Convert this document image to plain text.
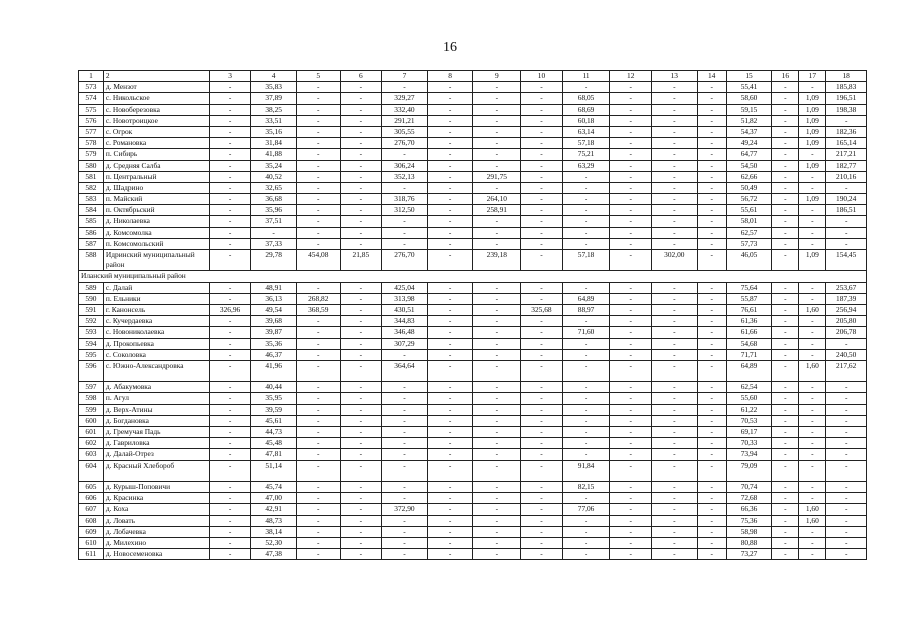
16
1	2	3	4	5	6	7	8	9	10	11	12	13	14	15	16	17	18
573	д. Мензот	-	35,83	-	-	-	-	-	-	-	-	-	-	55,41	-	-	185,83
574	с. Никольское	-	37,89	-	-	329,27	-	-	-	68,05	-	-	-	58,60	-	1,09	196,51
575	с. Новоберезовка	-	38,25	-	-	332,40	-	-	-	68,69	-	-	-	59,15	-	1,09	198,38
576	с. Новотроицкое	-	33,51	-	-	291,21	-	-	-	60,18	-	-	-	51,82	-	1,09	-
577	с. Огрок	-	35,16	-	-	305,55	-	-	-	63,14	-	-	-	54,37	-	1,09	182,36
578	с. Романовка	-	31,84	-	-	276,70	-	-	-	57,18	-	-	-	49,24	-	1,09	165,14
579	п. Сибирь	-	41,88	-	-	-	-	-	-	75,21	-	-	-	64,77	-	-	217,21
580	д. Средняя Салба	-	35,24	-	-	306,24	-	-	-	63,29	-	-	-	54,50	-	1,09	182,77
581	п. Центральный	-	40,52	-	-	352,13	-	291,75	-	-	-	-	-	62,66	-	-	210,16
582	д. Шадрино	-	32,65	-	-	-	-	-	-	-	-	-	-	50,49	-	-	-
583	п. Майский	-	36,68	-	-	318,76	-	264,10	-	-	-	-	-	56,72	-	1,09	190,24
584	п. Октябрьский	-	35,96	-	-	312,50	-	258,91	-	-	-	-	-	55,61	-	-	186,51
585	д. Николаевка	-	37,51	-	-	-	-	-	-	-	-	-	-	58,01	-	-	-
586	д. Комсомолка	-	-	-	-	-	-	-	-	-	-	-	-	62,57	-	-	-
587	п. Комсомольский	-	37,33	-	-	-	-	-	-	-	-	-	-	57,73	-	-	-
588	Идринский муниципальный район	-	29,78	454,08	21,85	276,70	-	239,18	-	57,18	-	302,00	-	46,05	-	1,09	154,45
Иланский муниципальный район																	
589	с. Далай	-	48,91	-	-	425,04	-	-	-	-	-	-	-	75,64	-	-	253,67
590	п. Ельники	-	36,13	268,82	-	313,98	-	-	-	64,89	-	-	-	55,87	-	-	187,39
591	г. Канонсель	326,96	49,54	368,59	-	430,51	-	-	325,68	88,97	-	-	-	76,61	-	1,60	256,94
592	с. Кучердаевка	-	39,68	-	-	344,83	-	-	-	-	-	-	-	61,36	-	-	205,80
593	с. Новониколаевка	-	39,87	-	-	346,48	-	-	-	71,60	-	-	-	61,66	-	-	206,78
594	д. Прокопьевка	-	35,36	-	-	307,29	-	-	-	-	-	-	-	54,68	-	-	-
595	с. Соколовка	-	46,37	-	-	-	-	-	-	-	-	-	-	71,71	-	-	240,50
596	с. Южно-Александровка	-	41,96	-	-	364,64	-	-	-	-	-	-	-	64,89	-	1,60	217,62
597	д. Абакумовка	-	40,44	-	-	-	-	-	-	-	-	-	-	62,54	-	-	-
598	п. Агул	-	35,95	-	-	-	-	-	-	-	-	-	-	55,60	-	-	-
599	д. Верх-Атины	-	39,59	-	-	-	-	-	-	-	-	-	-	61,22	-	-	-
600	д. Богдановка	-	45,61	-	-	-	-	-	-	-	-	-	-	70,53	-	-	-
601	д. Гремучая Падь	-	44,73	-	-	-	-	-	-	-	-	-	-	69,17	-	-	-
602	д. Гавриловка	-	45,48	-	-	-	-	-	-	-	-	-	-	70,33	-	-	-
603	д. Далай-Отрез	-	47,81	-	-	-	-	-	-	-	-	-	-	73,94	-	-	-
604	д. Красный Хлебороб	-	51,14	-	-	-	-	-	-	91,84	-	-	-	79,09	-	-	-
605	д. Курыш-Поповичи	-	45,74	-	-	-	-	-	-	82,15	-	-	-	70,74	-	-	-
606	д. Красинка	-	47,00	-	-	-	-	-	-	-	-	-	-	72,68	-	-	-
607	д. Коха	-	42,91	-	-	372,90	-	-	-	77,06	-	-	-	66,36	-	1,60	-
608	д. Ловать	-	48,73	-	-	-	-	-	-	-	-	-	-	75,36	-	1,60	-
609	д. Лобачевка	-	38,14	-	-	-	-	-	-	-	-	-	-	58,98	-	-	-
610	д. Милехино	-	52,30	-	-	-	-	-	-	-	-	-	-	80,88	-	-	-
611	д. Новосеменовка	-	47,38	-	-	-	-	-	-	-	-	-	-	73,27	-	-	-
